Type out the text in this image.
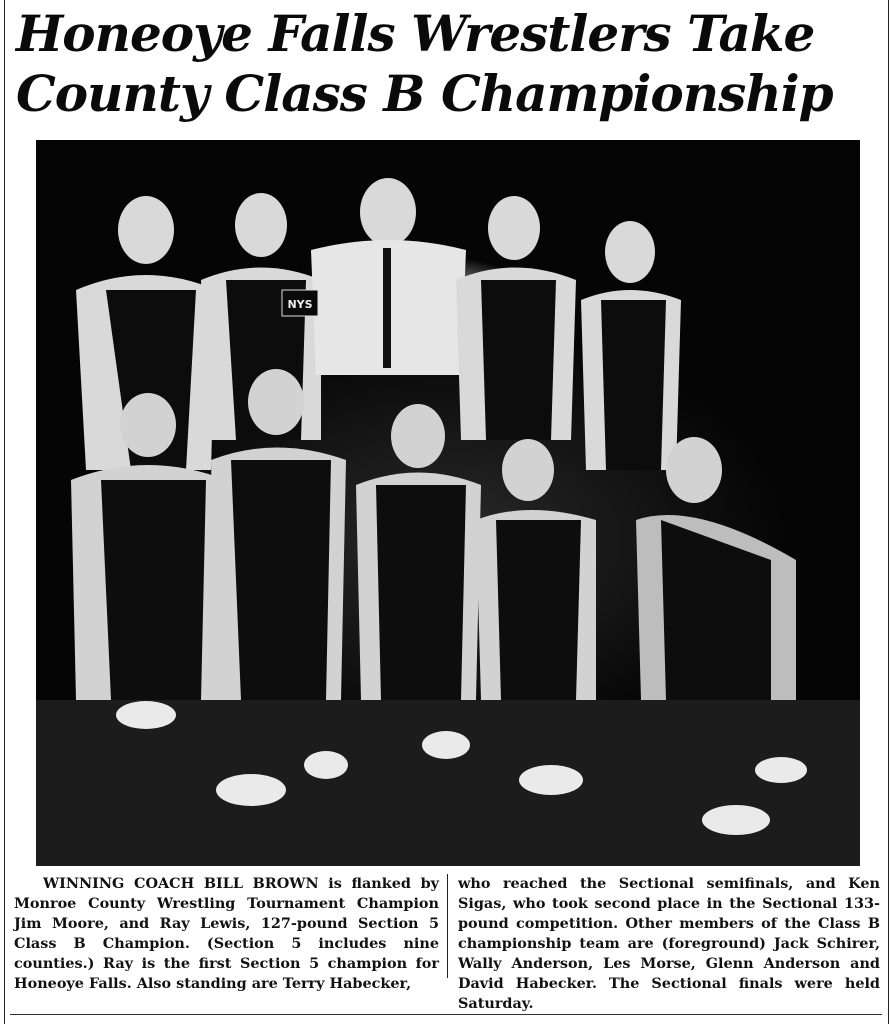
Honeoye Falls Wrestlers Take
County Class B Championship
NYS
WINNING COACH BILL BROWN is flanked by Monroe County Wrestling Tournament Champion Jim Moore, and Ray Lewis, 127-pound Section 5 Class B Champion. (Section 5 includes nine counties.) Ray is the first Section 5 champion for Honeoye Falls. Also standing are Terry Habecker,
who reached the Sectional semifinals, and Ken Sigas, who took second place in the Sectional 133-pound competition. Other members of the Class B championship team are (foreground) Jack Schirer, Wally Anderson, Les Morse, Glenn Anderson and David Habecker. The Sectional finals were held Saturday.
